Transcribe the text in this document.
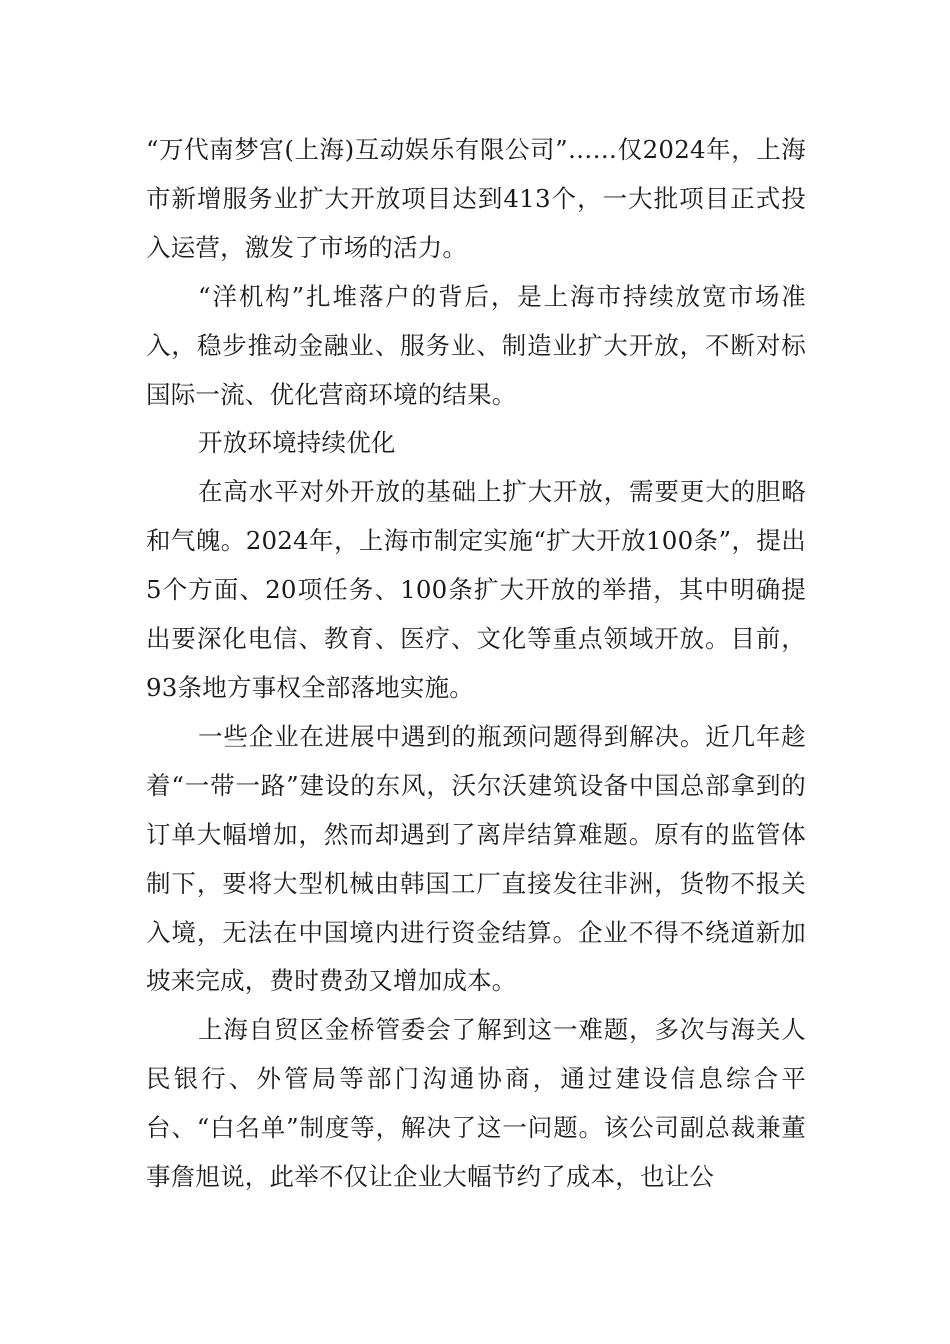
“万代南梦宫(上海)互动娱乐有限公司”……仅2024年，上海市新增服务业扩大开放项目达到413个，一大批项目正式投入运营，激发了市场的活力。

“洋机构”扎堆落户的背后，是上海市持续放宽市场准入，稳步推动金融业、服务业、制造业扩大开放，不断对标国际一流、优化营商环境的结果。

开放环境持续优化

在高水平对外开放的基础上扩大开放，需要更大的胆略和气魄。2024年，上海市制定实施“扩大开放100条”，提出5个方面、20项任务、100条扩大开放的举措，其中明确提出要深化电信、教育、医疗、文化等重点领域开放。目前，93条地方事权全部落地实施。

一些企业在进展中遇到的瓶颈问题得到解决。近几年趁着“一带一路”建设的东风，沃尔沃建筑设备中国总部拿到的订单大幅增加，然而却遇到了离岸结算难题。原有的监管体制下，要将大型机械由韩国工厂直接发往非洲，货物不报关入境，无法在中国境内进行资金结算。企业不得不绕道新加坡来完成，费时费劲又增加成本。

上海自贸区金桥管委会了解到这一难题，多次与海关人民银行、外管局等部门沟通协商，通过建设信息综合平台、“白名单”制度等，解决了这一问题。该公司副总裁兼董事詹旭说，此举不仅让企业大幅节约了成本，也让公
